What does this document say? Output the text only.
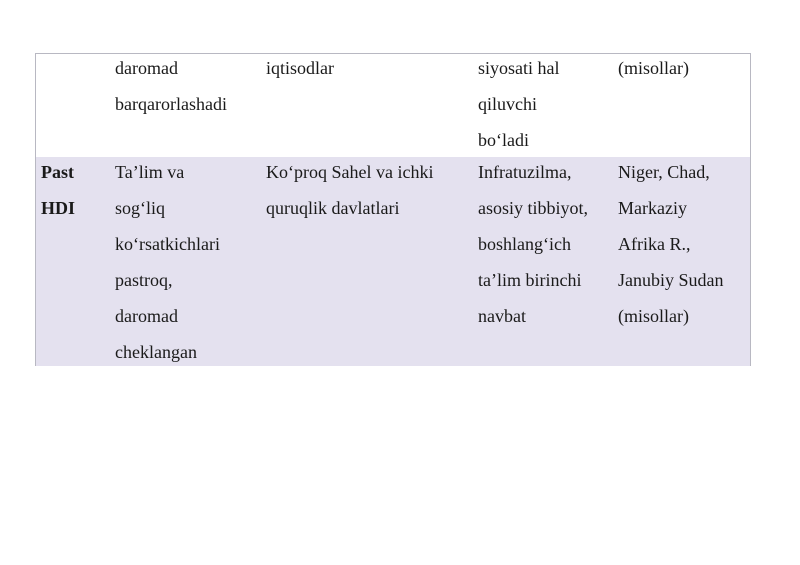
daromad
barqarorlashadi
iqtisodlar	siyosati hal
qiluvchi
bo‘ladi
(misollar)
Past
HDI
Ta’lim va
sog‘liq
ko‘rsatkichlari
pastroq,
daromad
cheklangan
Ko‘proq Sahel va ichki
quruqlik davlatlari
Infratuzilma,
asosiy tibbiyot,
boshlang‘ich
ta’lim birinchi
navbat
Niger, Chad,
Markaziy
Afrika R.,
Janubiy Sudan
(misollar)
